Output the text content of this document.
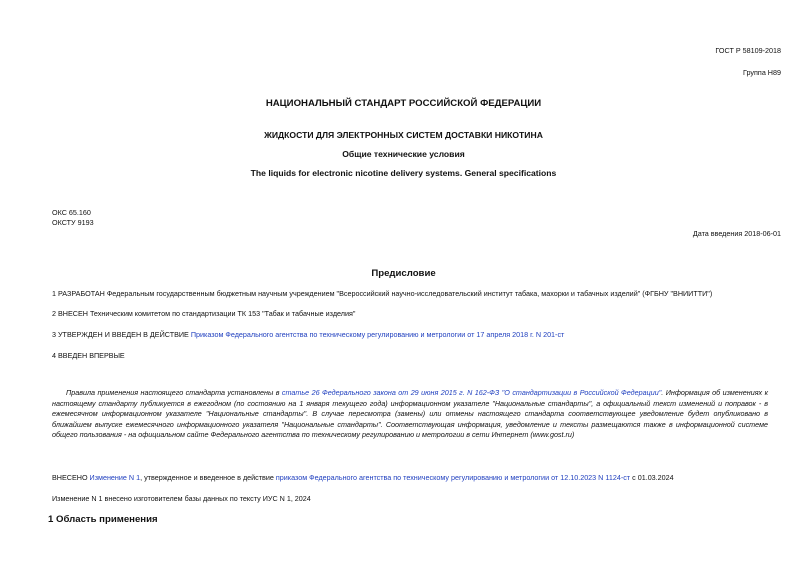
ГОСТ Р 58109-2018
Группа Н89
НАЦИОНАЛЬНЫЙ СТАНДАРТ РОССИЙСКОЙ ФЕДЕРАЦИИ
ЖИДКОСТИ ДЛЯ ЭЛЕКТРОННЫХ СИСТЕМ ДОСТАВКИ НИКОТИНА
Общие технические условия
The liquids for electronic nicotine delivery systems. General specifications
ОКС 65.160
ОКСТУ 9193
Дата введения 2018-06-01
Предисловие
1 РАЗРАБОТАН Федеральным государственным бюджетным научным учреждением "Всероссийский научно-исследовательский институт табака, махорки и табачных изделий" (ФГБНУ "ВНИИТТИ")
2 ВНЕСЕН Техническим комитетом по стандартизации ТК 153 "Табак и табачные изделия"
3 УТВЕРЖДЕН И ВВЕДЕН В ДЕЙСТВИЕ Приказом Федерального агентства по техническому регулированию и метрологии от 17 апреля 2018 г. N 201-ст
4 ВВЕДЕН ВПЕРВЫЕ
Правила применения настоящего стандарта установлены в статье 26 Федерального закона от 29 июня 2015 г. N 162-ФЗ "О стандартизации в Российской Федерации". Информация об изменениях к настоящему стандарту публикуется в ежегодном (по состоянию на 1 января текущего года) информационном указателе "Национальные стандарты", а официальный текст изменений и поправок - в ежемесячном информационном указателе "Национальные стандарты". В случае пересмотра (замены) или отмены настоящего стандарта соответствующее уведомление будет опубликовано в ближайшем выпуске ежемесячного информационного указателя "Национальные стандарты". Соответствующая информация, уведомление и тексты размещаются также в информационной системе общего пользования - на официальном сайте Федерального агентства по техническому регулированию и метрологии в сети Интернет (www.gost.ru)
ВНЕСЕНО Изменение N 1, утвержденное и введенное в действие приказом Федерального агентства по техническому регулированию и метрологии от 12.10.2023 N 1124-ст с 01.03.2024
Изменение N 1 внесено изготовителем базы данных по тексту ИУС N 1, 2024
1 Область применения
